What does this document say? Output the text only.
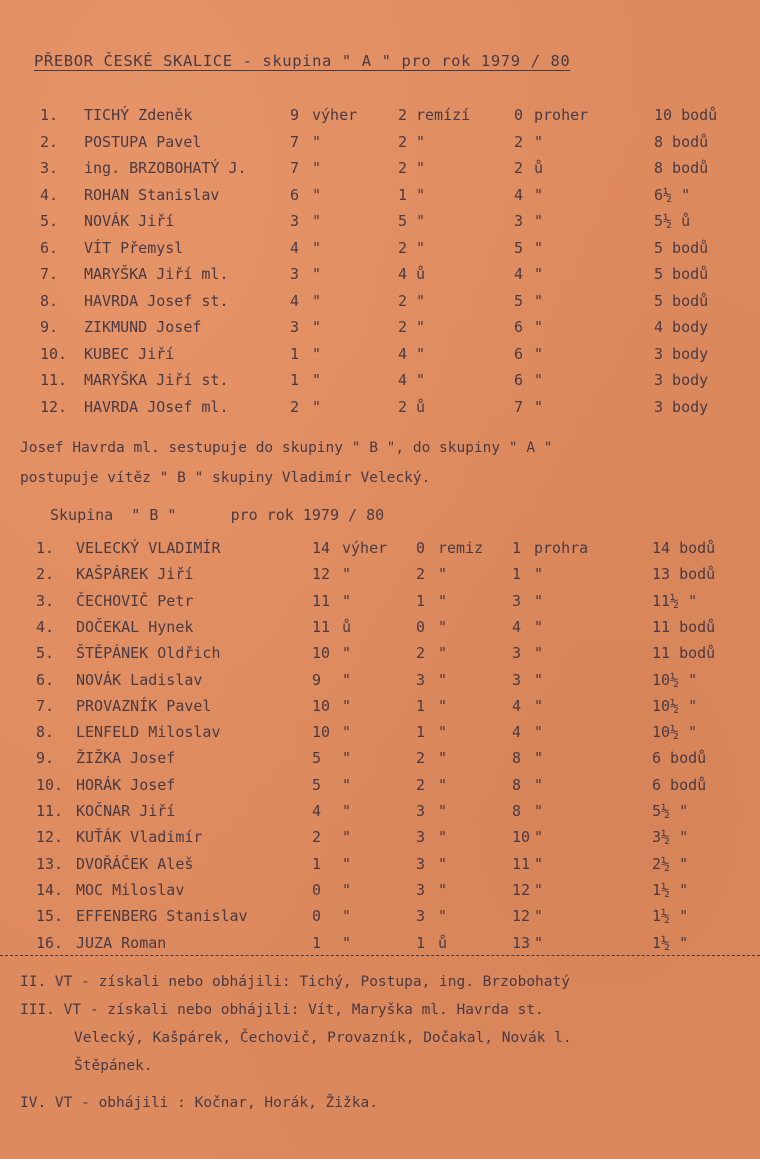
PŘEBOR ČESKÉ SKALICE - skupina " A " pro rok 1979 / 80
1. TICHÝ Zdeněk	9 výher	2 remízí	0 proher	10 bodů
2. POSTUPA Pavel	7 "	2 "	2 "	8 bodů
3. ing. BRZOBOHATÝ J.	7 "	2 "	2 ů	8 bodů
4. ROHAN Stanislav	6 "	1 "	4 "	6½ "
5. NOVÁK Jiří	3 "	5 "	3 "	5½ ů
6. VÍT Přemysl	4 "	2 "	5 "	5 bodů
7. MARYŠKA Jiří ml.	3 "	4 ů	4 "	5 bodů
8. HAVRDA Josef st.	4 "	2 "	5 "	5 bodů
9. ZIKMUND Josef	3 "	2 "	6 "	4 body
10. KUBEC Jiří	1 "	4 "	6 "	3 body
11. MARYŠKA Jiří st.	1 "	4 "	6 "	3 body
12. HAVRDA JOsef ml.	2 "	2 ů	7 "	3 body
Josef Havrda ml. sestupuje do skupiny " B ", do skupiny " A "
postupuje vítěz " B " skupiny Vladimír Velecký.
Skupina  " B "      pro rok 1979 / 80
1. VELECKÝ VLADIMÍR	14 výher 0 remiz 1 prohra	14 bodů
2. KAŠPÁREK Jiří	12 "	2 "	1 "	13 bodů
3. ČECHOVIČ Petr	11 "	1 "	3 "	11½ "
4. DOČEKAL Hynek	11 ů	0 "	4 "	11 bodů
5. ŠTĚPÁNEK Oldřich	10 "	2 "	3 "	11 bodů
6. NOVÁK Ladislav	9 "	3 "	3 "	10½ "
7. PROVAZNÍK Pavel	10 "	1 "	4 "	10½ "
8. LENFELD Miloslav	10 "	1 "	4 "	10½ "
9. ŽIŽKA Josef	5 "	2 "	8 "	6 bodů
10. HORÁK Josef	5 "	2 "	8 "	6 bodů
11. KOČNAR Jiří	4 "	3 "	8 "	5½ "
12. KUŤÁK Vladimír	2 "	3 "	10 "	3½ "
13. DVOŘÁČEK Aleš	1 "	3 "	11 "	2½ "
14. MOC Miloslav	0 "	3 "	12 "	1½ "
15. EFFENBERG Stanislav	0 "	3 "	12 "	1½ "
16. JUZA Roman	1 "	1 ů	13 "	1½ "
II. VT - získali nebo obhájili: Tichý, Postupa, ing. Brzobohatý
III. VT - získali nebo obhájili: Vít, Maryška ml. Havrda st.
Velecký, Kašpárek, Čechovič, Provazník, Dočakal, Novák l.
Štěpánek.
IV. VT - obhájili : Kočnar, Horák, Žižka.
